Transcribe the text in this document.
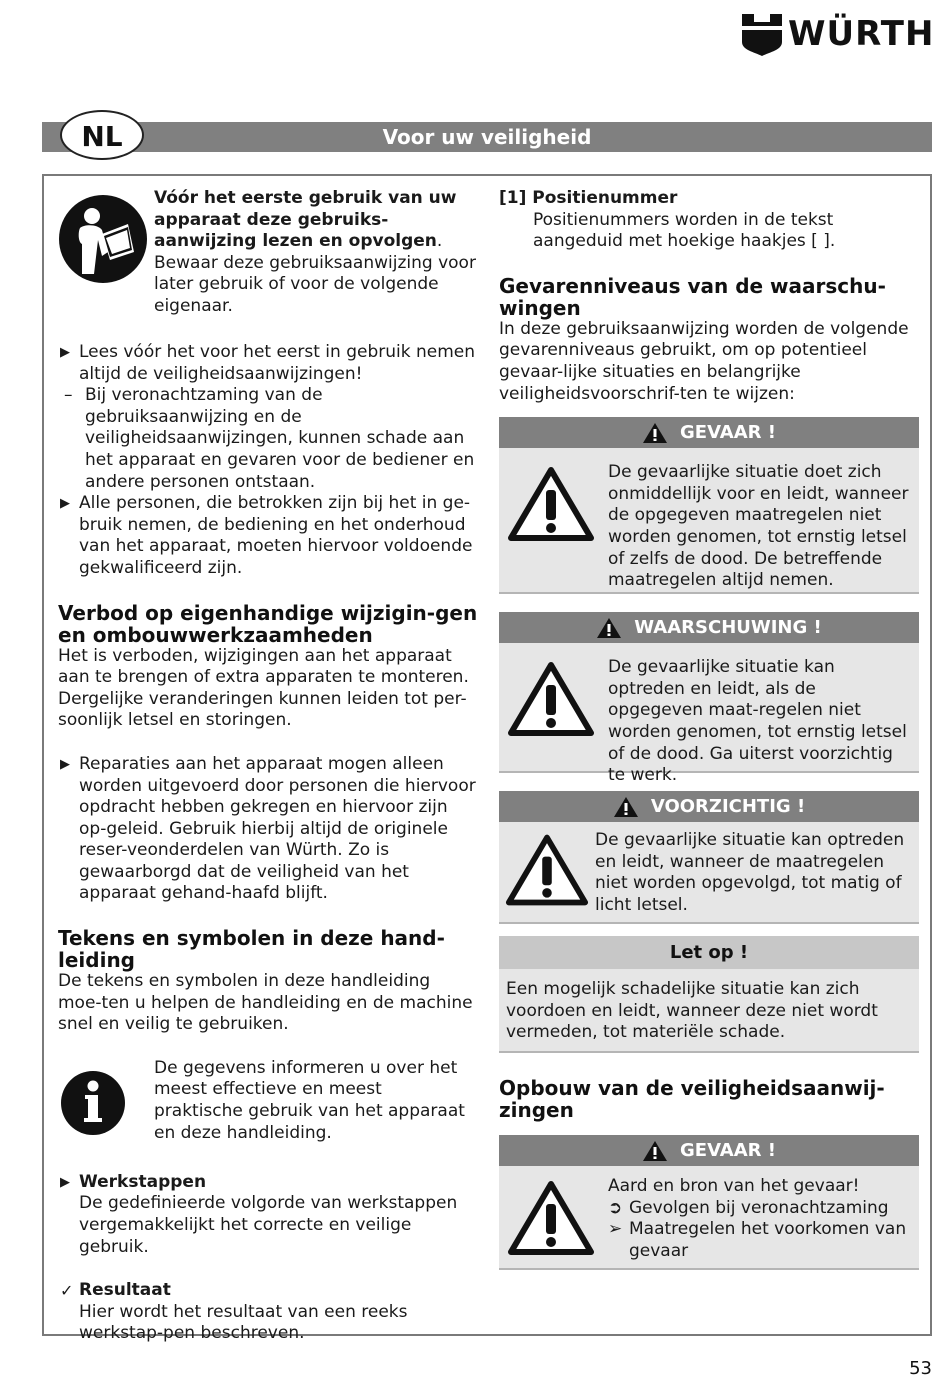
WÜRTH
Voor uw veiligheid
NL
Vóór het eerste gebruik van uw apparaat deze gebruiks-aanwijzing lezen en opvolgen. Bewaar deze gebruiksaanwijzing voor later gebruik of voor de volgende eigenaar.
▶ Lees vóór het voor het eerst in gebruik nemen altijd de veiligheidsaanwijzingen!
– Bij veronachtzaming van de gebruiksaanwijzing en de veiligheidsaanwijzingen, kunnen schade aan het apparaat en gevaren voor de bediener en andere personen ontstaan.
▶ Alle personen, die betrokken zijn bij het in ge-bruik nemen, de bediening en het onderhoud van het apparaat, moeten hiervoor voldoende gekwalificeerd zijn.
Verbod op eigenhandige wijzigin-gen en ombouwwerkzaamheden
Het is verboden, wijzigingen aan het apparaat aan te brengen of extra apparaten te monteren. Dergelijke veranderingen kunnen leiden tot per-soonlijk letsel en storingen.
▶ Reparaties aan het apparaat mogen alleen worden uitgevoerd door personen die hiervoor opdracht hebben gekregen en hiervoor zijn op-geleid. Gebruik hierbij altijd de originele reser-veonderdelen van Würth. Zo is gewaarborgd dat de veiligheid van het apparaat gehand-haafd blijft.
Tekens en symbolen in deze hand-leiding
De tekens en symbolen in deze handleiding moe-ten u helpen de handleiding en de machine snel en veilig te gebruiken.
De gegevens informeren u over het meest effectieve en meest praktische gebruik van het apparaat en deze handleiding.
▶ Werkstappen
De gedefinieerde volgorde van werkstappen vergemakkelijkt het correcte en veilige gebruik.
✓ Resultaat
Hier wordt het resultaat van een reeks werkstap-pen beschreven.
[1] Positienummer
Positienummers worden in de tekst aangeduid met hoekige haakjes [ ].
Gevarenniveaus van de waarschu-wingen
In deze gebruiksaanwijzing worden de volgende gevarenniveaus gebruikt, om op potentieel gevaar-lijke situaties en belangrijke veiligheidsvoorschrif-ten te wijzen:
GEVAAR !
De gevaarlijke situatie doet zich onmiddellijk voor en leidt, wanneer de opgegeven maatregelen niet worden genomen, tot ernstig letsel of zelfs de dood. De betreffende maatregelen altijd nemen.
WAARSCHUWING !
De gevaarlijke situatie kan optreden en leidt, als de opgegeven maat-regelen niet worden genomen, tot ernstig letsel of de dood. Ga uiterst voorzichtig te werk.
VOORZICHTIG !
De gevaarlijke situatie kan optreden en leidt, wanneer de maatregelen niet worden opgevolgd, tot matig of licht letsel.
Let op !
Een mogelijk schadelijke situatie kan zich voordoen en leidt, wanneer deze niet wordt vermeden, tot materiële schade.
Opbouw van de veiligheidsaanwij-zingen
GEVAAR !
Aard en bron van het gevaar!
➲ Gevolgen bij veronachtzaming
➢ Maatregelen het voorkomen van gevaar
53
